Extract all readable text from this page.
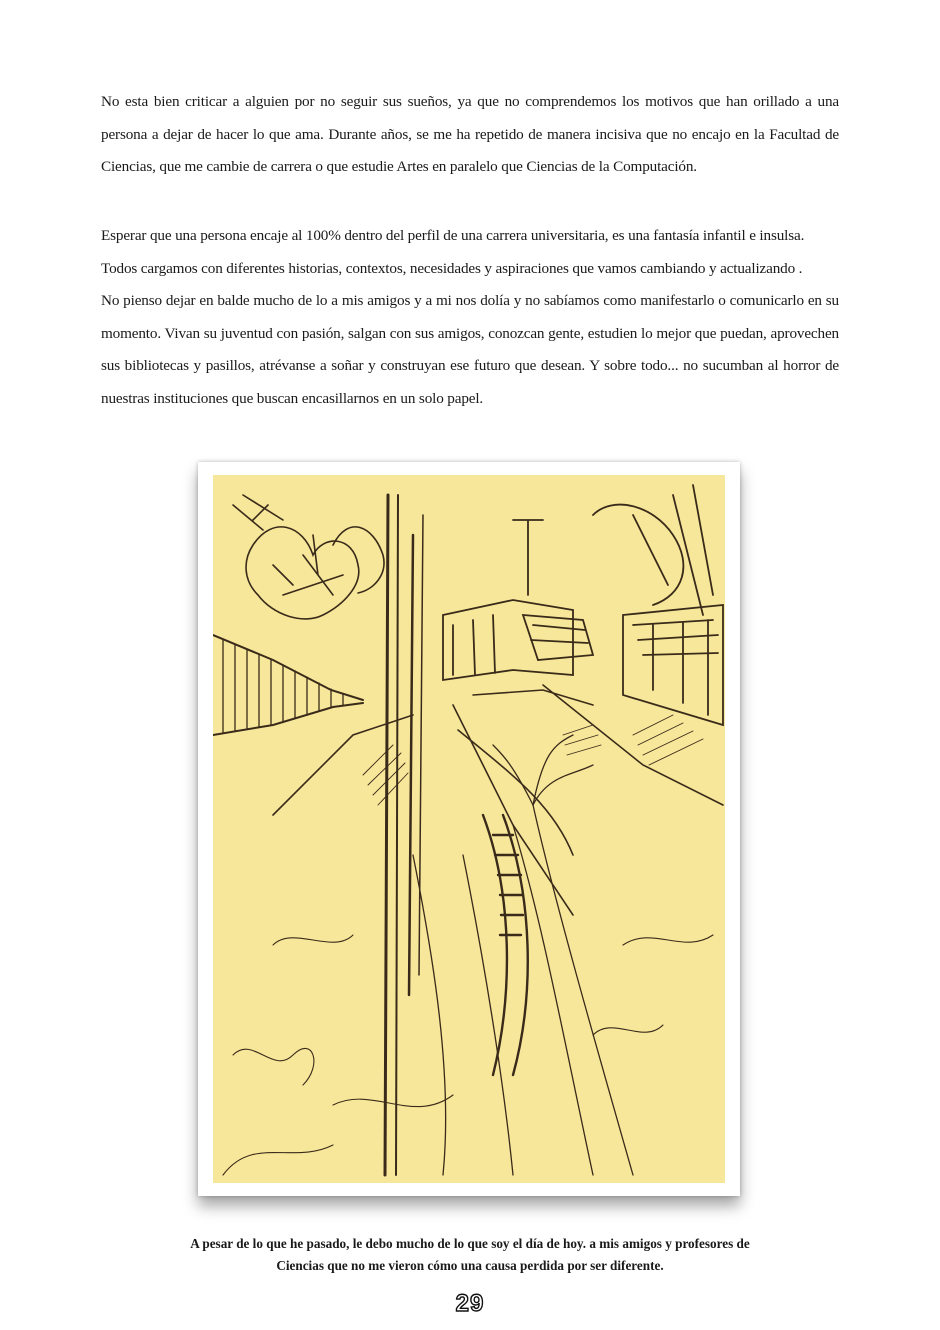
No esta bien criticar a alguien por no seguir sus sueños, ya que no comprendemos los motivos que han orillado a una persona a dejar de hacer lo que ama. Durante años, se me ha repetido de manera incisiva que no encajo en la Facultad de Ciencias, que me cambie de carrera o que estudie Artes en paralelo que Ciencias de la Computación.

Esperar que una persona encaje al 100% dentro del perfil de una carrera universitaria, es una fantasía infantil e insulsa.

Todos cargamos con diferentes historias, contextos, necesidades y aspiraciones que vamos cambiando y actualizando .

No pienso dejar en balde mucho de lo a mis amigos y a mi nos dolía y no sabíamos como manifestarlo o comunicarlo en su momento. Vivan su juventud con pasión, salgan con sus amigos, conozcan gente, estudien lo mejor que puedan, aprovechen sus bibliotecas y pasillos, atrévanse a soñar y construyan ese futuro que desean. Y sobre todo... no sucumban al horror de nuestras instituciones que buscan encasillarnos en un solo papel.

A pesar de lo que he pasado, le debo mucho de lo que soy el día de hoy. a mis amigos y profesores de

Ciencias que no me vieron cómo una causa perdida por ser diferente.

29
